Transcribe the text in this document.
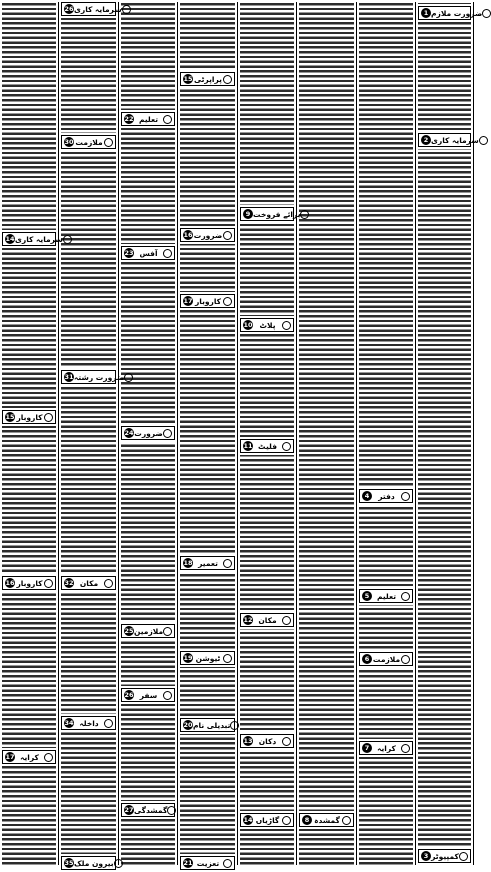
14 سرمایہ کاری
15 کاروبار
16 کاروبار
17 کرایہ
26 سرمایہ کاری
30 ملازمت
31 ضرورت رشتہ
32 مکان
34 داخلہ
35 بیرون ملک
22 تعلیم
23 آفس
24 ضرورت
25 ملازمین
26 سفر
27 گمشدگی
15 پراپرٹی
16 ضرورت
17 کاروبار
18 تعمیر
19 ٹیوشن
20 تبدیلی نام
21 تعزیت
9 برائے فروخت
10 پلاٹ
11 فلیٹ
12 مکان
13 دکان
14 گاڑیاں	8 گمشدہ
4	دفتر
5	تعلیم
6 ملازمت
7	کرایہ
1 ضرورت ملازم
2 سرمایہ کاری
3 کمپیوٹر
